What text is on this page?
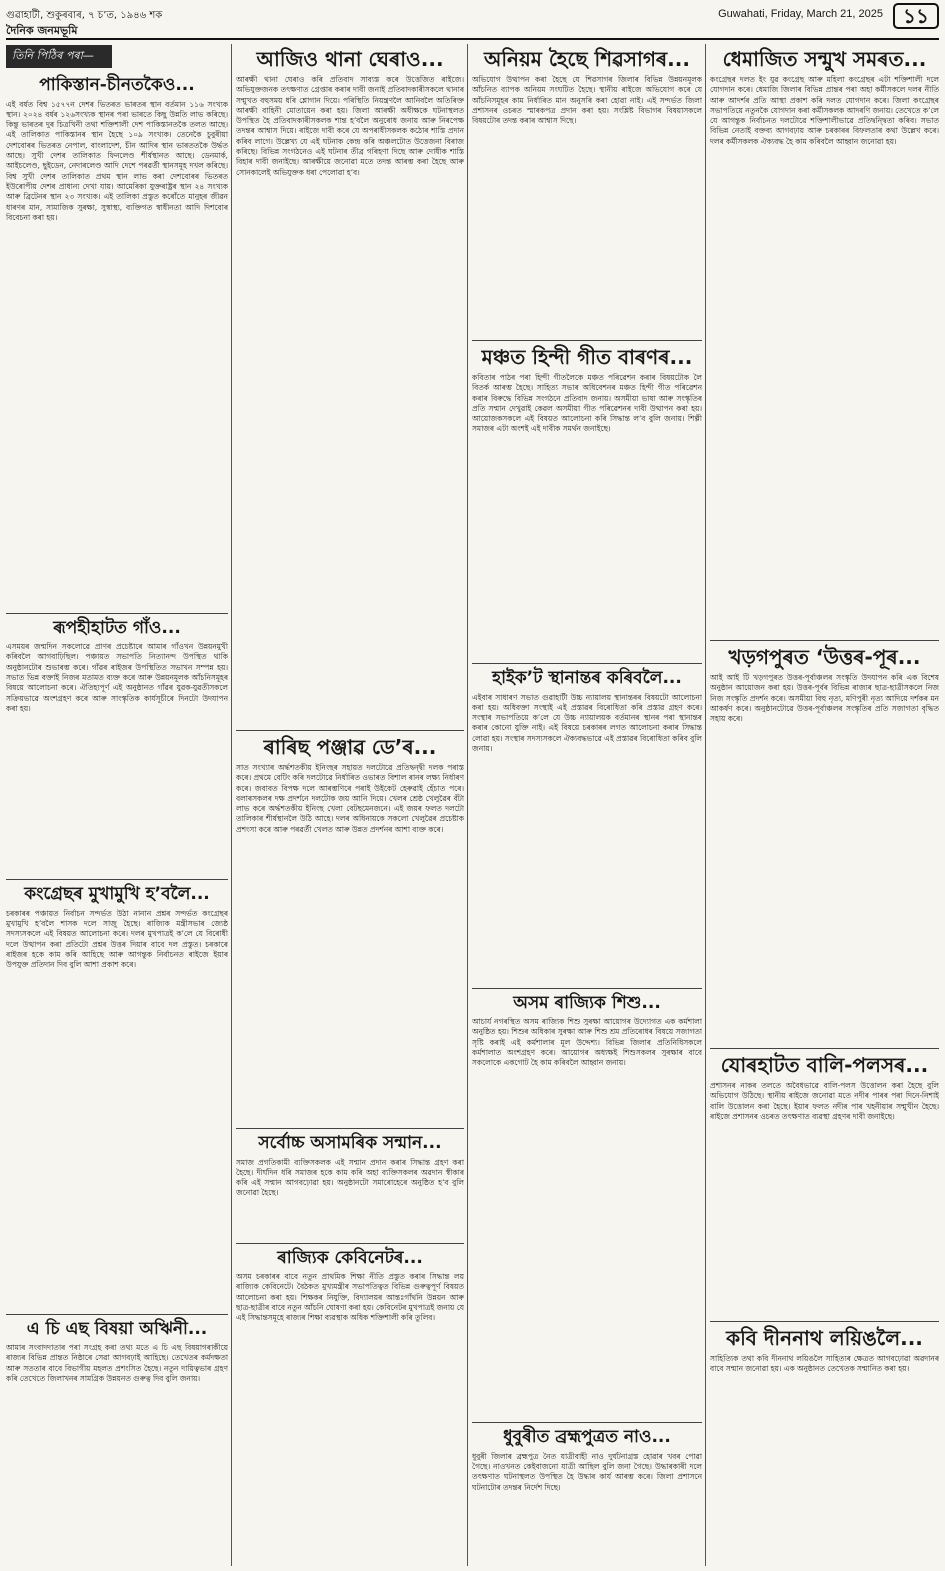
গুৱাহাটী, শুকুৰবাৰ, ৭ চ’ত, ১৯৪৬ শক	Guwahati, Friday, March 21, 2025	১১
দৈনিক জনমভূমি
তিনি পিঠিৰ পৰা—
পাকিস্তান-চীনতকৈও...
এই বৰ্ষত বিশ্ব ১৫৭৭ন দেশৰ ভিতৰত ভাৰতৰ স্থান বৰ্তমান ১১৬ সংখ্যক স্থান। ২০২৪ বৰ্ষৰ ১২৬সংখ্যক স্থানৰ পৰা ভাৰতে কিছু উন্নতি লাভ কৰিছে। কিন্তু ভাৰতৰ দুৰ চিত্ৰখিনী তথা শক্তিশালী দেশ পাকিস্তানতকৈ তলত আছে। এই তালিকাত পাকিস্তানৰ স্থান হৈছে ১০৯ সংখ্যক। তেনেকৈ চুবুৰীয়া দেশবোৰৰ ভিতৰত নেপাল, বাংলাদেশ, চীন আদিৰ স্থান ভাৰততকৈ উৰ্দ্ধত আছে। সুখী দেশৰ তালিকাত ফিনলেণ্ড শীৰ্ষস্থানত আছে। ডেনমাৰ্ক, আইচলেণ্ড, ছুইডেন, নেদাৰলেণ্ড আদি দেশে পৰৱৰ্তী স্থানসমূহ দখল কৰিছে। বিশ্ব সুখী দেশৰ তালিকাত প্ৰথম স্থান লাভ কৰা দেশবোৰৰ ভিতৰত ইউৰোপীয় দেশৰ প্ৰাধান্য দেখা যায়। আমেৰিকা যুক্তৰাষ্ট্ৰৰ স্থান ২৪ সংখ্যক আৰু ব্ৰিটেনৰ স্থান ২৩ সংখ্যক। এই তালিকা প্ৰস্তুত কৰোঁতে মানুহৰ জীৱন ধাৰণৰ মান, সামাজিক সুৰক্ষা, সুস্বাস্থ্য, ব্যক্তিগত স্বাধীনতা আদি দিশবোৰ বিবেচনা কৰা হয়।
ৰূপহীহাটত গাঁও...
এসময়ৰ জন্মদিন সকলোৱে প্ৰাণৰ প্ৰচেষ্টাৰে আমাৰ গাঁওখন উন্নয়নমুখী কৰিবলৈ আগবাঢ়িছিল। পঞ্চায়ত সভাপতি নিত্যানন্দ উপস্থিত থাকি অনুষ্ঠানটোৰ শুভাৰম্ভ কৰে। গাঁৱৰ ৰাইজৰ উপস্থিতিত সভাখন সম্পন্ন হয়। সভাত ভিন্ন বক্তাই নিজৰ মতামত ব্যক্ত কৰে আৰু উন্নয়নমূলক আঁচনিসমূহৰ বিষয়ে আলোচনা কৰে। ঐতিহ্যপূৰ্ণ এই অনুষ্ঠানত গাঁৱৰ যুৱক-যুৱতীসকলে সক্ৰিয়ভাৱে অংশগ্ৰহণ কৰে আৰু সাংস্কৃতিক কাৰ্যসূচীৰে দিনটো উদযাপন কৰা হয়।
কংগ্ৰেছৰ মুখামুখি হ’বলৈ...
চৰকাৰৰ পঞ্চায়ত নিৰ্বাচন সন্দৰ্ভত উঠা নানান প্ৰশ্নৰ সন্দৰ্ভত কংগ্ৰেছৰ মুখামুখি হ’বলৈ শাসক দলে সাজু হৈছে। ৰাজ্যিক মন্ত্ৰীসভাৰ জ্যেষ্ঠ সদস্যসকলে এই বিষয়ত আলোচনা কৰে। দলৰ মুখপাত্ৰই ক’লে যে বিৰোধী দলে উত্থাপন কৰা প্ৰতিটো প্ৰশ্নৰ উত্তৰ দিয়াৰ বাবে দল প্ৰস্তুত। চৰকাৰে ৰাইজৰ হকে কাম কৰি আহিছে আৰু আগন্তুক নিৰ্বাচনত ৰাইজে ইয়াৰ উপযুক্ত প্ৰতিদান দিব বুলি আশা প্ৰকাশ কৰে।
এ চি এছ বিষয়া অঋিনী...
আমাৰ সংবাদদাতাৰ পৰা সংগ্ৰহ কৰা তথ্য মতে এ চি এছ বিষয়াগৰাকীয়ে ৰাজ্যৰ বিভিন্ন প্ৰান্তত নিষ্ঠাৰে সেৱা আগবঢ়াই আহিছে। তেখেতৰ কৰ্মদক্ষতা আৰু সততাৰ বাবে বিভাগীয় মহলত প্ৰশংসিত হৈছে। নতুন দায়িত্বভাৰ গ্ৰহণ কৰি তেখেতে জিলাখনৰ সামগ্ৰিক উন্নয়নত গুৰুত্ব দিব বুলি জনায়।
আজিও থানা ঘেৰাও...
আৰক্ষী থানা ঘেৰাও কৰি প্ৰতিবাদ সাব্যস্ত কৰে উত্তেজিত ৰাইজে। অভিযুক্তজনক তৎক্ষণাত গ্ৰেপ্তাৰ কৰাৰ দাবী জনাই প্ৰতিবাদকাৰীসকলে থানাৰ সন্মুখত বহুসময় ধৰি শ্লোগান দিয়ে। পৰিস্থিতি নিয়ন্ত্ৰণলৈ আনিবলৈ অতিৰিক্ত আৰক্ষী বাহিনী মোতায়েন কৰা হয়। জিলা আৰক্ষী অধীক্ষকে ঘটনাস্থলত উপস্থিত হৈ প্ৰতিবাদকাৰীসকলক শান্ত হ’বলৈ অনুৰোধ জনায় আৰু নিৰপেক্ষ তদন্তৰ আশ্বাস দিয়ে। ৰাইজে দাবী কৰে যে অপৰাধীসকলক কঠোৰ শাস্তি প্ৰদান কৰিব লাগে। উল্লেখ্য যে এই ঘটনাক কেন্দ্ৰ কৰি অঞ্চলটোত উত্তেজনা বিৰাজ কৰিছে। বিভিন্ন সংগঠনেও এই ঘটনাৰ তীব্ৰ গৰিহণা দিছে আৰু দোষীক শাস্তি বিহাৰ দাবী জনাইছে। আৰক্ষীয়ে জনোৱা মতে তদন্ত আৰম্ভ কৰা হৈছে আৰু সোনকালেই অভিযুক্তক ধৰা পেলোৱা হ’ব।
ৰাৰিছ পঞ্জাৱ ডে’ৰ...
সাত সংখ্যাৰ অৰ্দ্ধশতকীয় ইনিংছৰ সহায়ত দলটোৱে প্ৰতিদ্বন্দ্বী দলক পৰাস্ত কৰে। প্ৰথমে বেটিং কৰি দলটোৱে নিৰ্ধাৰিত ওভাৰত বিশাল ৰানৰ লক্ষ্য নিৰ্ধাৰণ কৰে। জবাবত বিপক্ষ দলে আৰম্ভণিৰে পৰাই উইকেট হেৰুৱাই হেঁচাত পৰে। বলাৰসকলৰ দক্ষ প্ৰদৰ্শনে দলটোক জয় আনি দিয়ে। খেলৰ শ্ৰেষ্ঠ খেলুৱৈৰ বঁটা লাভ কৰে অৰ্দ্ধশতকীয় ইনিংছ খেলা বেটছমেনজনে। এই জয়ৰ ফলত দলটো তালিকাৰ শীৰ্ষস্থানলৈ উঠি আহে। দলৰ অধিনায়কে সকলো খেলুৱৈৰ প্ৰচেষ্টাক প্ৰশংসা কৰে আৰু পৰৱৰ্তী খেলত আৰু উন্নত প্ৰদৰ্শনৰ আশা ব্যক্ত কৰে।
সৰ্বোচ্চ অসামৰিক সন্মান...
সমাজ প্ৰগতিকামী ব্যক্তিসকলক এই সন্মান প্ৰদান কৰাৰ সিদ্ধান্ত গ্ৰহণ কৰা হৈছে। দীৰ্ঘদিন ধৰি সমাজৰ হকে কাম কৰি অহা ব্যক্তিসকলৰ অৱদান স্বীকাৰ কৰি এই সন্মান আগবঢ়োৱা হয়। অনুষ্ঠানটো সমাৰোহেৰে অনুষ্ঠিত হ’ব বুলি জনোৱা হৈছে।
ৰাজ্যিক কেবিনেটৰ...
অসম চৰকাৰৰ বাবে নতুন প্ৰাথমিক শিক্ষা নীতি প্ৰস্তুত কৰাৰ সিদ্ধান্ত লয় ৰাজ্যিক কেবিনেটে। বৈঠকত মুখ্যমন্ত্ৰীৰ সভাপতিত্বত বিভিন্ন গুৰুত্বপূৰ্ণ বিষয়ত আলোচনা কৰা হয়। শিক্ষকৰ নিযুক্তি, বিদ্যালয়ৰ আন্তঃগাঁথনি উন্নয়ন আৰু ছাত্ৰ-ছাত্ৰীৰ বাবে নতুন আঁচনি ঘোষণা কৰা হয়। কেবিনেটৰ মুখপাত্ৰই জনায় যে এই সিদ্ধান্তসমূহে ৰাজ্যৰ শিক্ষা ব্যৱস্থাক অধিক শক্তিশালী কৰি তুলিব।
অনিয়ম হৈছে শিৱসাগৰ...
অভিযোগ উত্থাপন কৰা হৈছে যে শিৱসাগৰ জিলাৰ বিভিন্ন উন্নয়নমূলক আঁচনিত ব্যাপক অনিয়ম সংঘটিত হৈছে। স্থানীয় ৰাইজে অভিযোগ কৰে যে আঁচনিসমূহৰ কাম নিৰ্ধাৰিত মান অনুসৰি কৰা হোৱা নাই। এই সন্দৰ্ভত জিলা প্ৰশাসনৰ ওচৰত স্মাৰকপত্ৰ প্ৰদান কৰা হয়। সংশ্লিষ্ট বিভাগৰ বিষয়াসকলে বিষয়টোৰ তদন্ত কৰাৰ আশ্বাস দিছে।
মঞ্চত হিন্দী গীত বাৰণৰ...
কবিতাৰ পাঠৰ পৰা হিন্দী গীতলৈকে মঞ্চত পৰিৱেশন কৰাৰ বিষয়টোক লৈ বিতৰ্ক আৰম্ভ হৈছে। সাহিত্য সভাৰ অধিবেশনৰ মঞ্চত হিন্দী গীত পৰিৱেশন কৰাৰ বিৰুদ্ধে বিভিন্ন সংগঠনে প্ৰতিবাদ জনায়। অসমীয়া ভাষা আৰু সংস্কৃতিৰ প্ৰতি সন্মান দেখুৱাই কেৱল অসমীয়া গীত পৰিৱেশনৰ দাবী উত্থাপন কৰা হয়। আয়োজকসকলে এই বিষয়ত আলোচনা কৰি সিদ্ধান্ত ল’ব বুলি জনায়। শিল্পী সমাজৰ এটা অংশই এই দাবীক সমৰ্থন জনাইছে।
হাইক’ট স্থানান্তৰ কৰিবলৈ...
এইবাৰ সাধাৰণ সভাত গুৱাহাটী উচ্চ ন্যায়ালয় স্থানান্তৰৰ বিষয়টো আলোচনা কৰা হয়। অধিবক্তা সংস্থাই এই প্ৰস্তাৱৰ বিৰোধিতা কৰি প্ৰস্তাৱ গ্ৰহণ কৰে। সংস্থাৰ সভাপতিয়ে ক’লে যে উচ্চ ন্যায়ালয়ক বৰ্তমানৰ স্থানৰ পৰা স্থানান্তৰ কৰাৰ কোনো যুক্তি নাই। এই বিষয়ে চৰকাৰৰ লগত আলোচনা কৰাৰ সিদ্ধান্ত লোৱা হয়। সংস্থাৰ সদস্যসকলে ঐক্যবদ্ধভাৱে এই প্ৰস্তাৱৰ বিৰোধিতা কৰিব বুলি জনায়।
অসম ৰাজ্যিক শিশু...
আচাৰ্য নগৰস্থিত অসম ৰাজ্যিক শিশু সুৰক্ষা আয়োগৰ উদ্যোগত এক কৰ্মশালা অনুষ্ঠিত হয়। শিশুৰ অধিকাৰ সুৰক্ষা আৰু শিশু শ্ৰম প্ৰতিৰোধৰ বিষয়ে সজাগতা সৃষ্টি কৰাই এই কৰ্মশালাৰ মূল উদ্দেশ্য। বিভিন্ন জিলাৰ প্ৰতিনিধিসকলে কৰ্মশালাত অংশগ্ৰহণ কৰে। আয়োগৰ অধ্যক্ষই শিশুসকলৰ সুৰক্ষাৰ বাবে সকলোকে একগোট হৈ কাম কৰিবলৈ আহ্বান জনায়।
ধুবুৰীত ব্ৰহ্মপুত্ৰত নাও...
ধুবুৰী জিলাৰ ব্ৰহ্মপুত্ৰ নৈত যাত্ৰীবাহী নাও দুৰ্ঘটনাগ্ৰস্ত হোৱাৰ খবৰ পোৱা গৈছে। নাওখনত কেইবাজনো যাত্ৰী আছিল বুলি জনা গৈছে। উদ্ধাৰকাৰী দলে তৎক্ষণাত ঘটনাস্থলত উপস্থিত হৈ উদ্ধাৰ কাৰ্য আৰম্ভ কৰে। জিলা প্ৰশাসনে ঘটনাটোৰ তদন্তৰ নিৰ্দেশ দিছে।
ধেমাজিত সন্মুখ সমৰত...
কংগ্ৰেছৰ দলত ইং যুৱ কংগ্ৰেছ আৰু মহিলা কংগ্ৰেছৰ এটা শক্তিশালী দলে যোগদান কৰে। ধেমাজি জিলাৰ বিভিন্ন প্ৰান্তৰ পৰা অহা কৰ্মীসকলে দলৰ নীতি আৰু আদৰ্শৰ প্ৰতি আস্থা প্ৰকাশ কৰি দলত যোগদান কৰে। জিলা কংগ্ৰেছৰ সভাপতিয়ে নতুনকৈ যোগদান কৰা কৰ্মীসকলক আদৰণি জনায়। তেখেতে ক’লে যে আগন্তুক নিৰ্বাচনত দলটোৱে শক্তিশালীভাৱে প্ৰতিদ্বন্দ্বিতা কৰিব। সভাত বিভিন্ন নেতাই বক্তব্য আগবঢ়ায় আৰু চৰকাৰৰ বিফলতাৰ কথা উল্লেখ কৰে। দলৰ কৰ্মীসকলক ঐক্যবদ্ধ হৈ কাম কৰিবলৈ আহ্বান জনোৱা হয়।
খড়গপুৰত ‘উত্তৰ-পূৰ...
আই আই টি খড়গপুৰত উত্তৰ-পূৰ্বাঞ্চলৰ সংস্কৃতি উদযাপন কৰি এক বিশেষ অনুষ্ঠান আয়োজন কৰা হয়। উত্তৰ-পূৰ্বৰ বিভিন্ন ৰাজ্যৰ ছাত্ৰ-ছাত্ৰীসকলে নিজ নিজ সংস্কৃতি প্ৰদৰ্শন কৰে। অসমীয়া বিহু নৃত্য, মণিপুৰী নৃত্য আদিয়ে দৰ্শকৰ মন আকৰ্ষণ কৰে। অনুষ্ঠানটোৱে উত্তৰ-পূৰ্বাঞ্চলৰ সংস্কৃতিৰ প্ৰতি সজাগতা বৃদ্ধিত সহায় কৰে।
যোৰহাটত বালি-পলসৰ...
প্ৰশাসনৰ নাকৰ তলতে অবৈধভাৱে বালি-পলস উত্তোলন কৰা হৈছে বুলি অভিযোগ উঠিছে। স্থানীয় ৰাইজে জনোৱা মতে নদীৰ পাৰৰ পৰা দিনে-নিশাই বালি উত্তোলন কৰা হৈছে। ইয়াৰ ফলত নদীৰ পাৰ খহনীয়াৰ সন্মুখীন হৈছে। ৰাইজে প্ৰশাসনৰ ওচৰত তৎক্ষণাত ব্যৱস্থা গ্ৰহণৰ দাবী জনাইছে।
কবি দীননাথ লয়িঙলৈ...
সাহিত্যিক তথা কবি দীননাথ লয়িঙলৈ সাহিত্যৰ ক্ষেত্ৰত আগবঢ়োৱা অৱদানৰ বাবে সন্মান জনোৱা হয়। এক অনুষ্ঠানত তেখেতক সন্মানিত কৰা হয়।
